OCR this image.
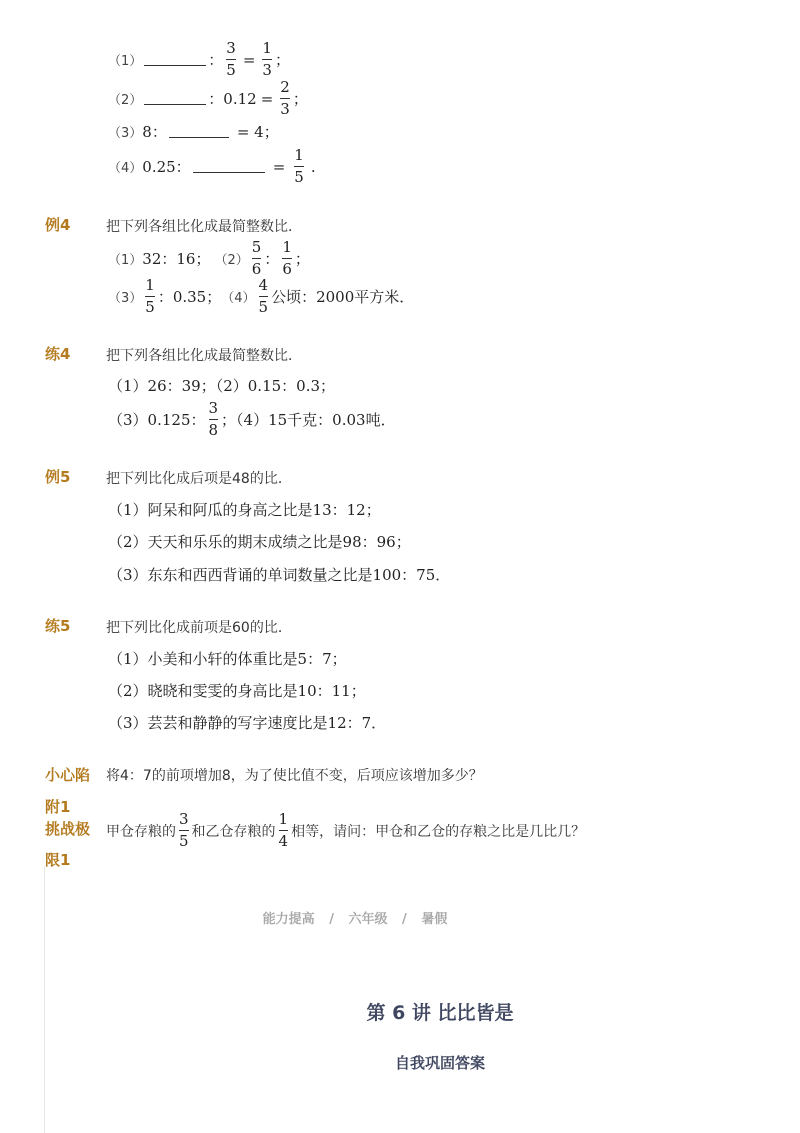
（1）	： $\frac{3}{5} = \frac{1}{3}$ ；
（2）	：$0.12 = \frac{2}{3}$ ；
（3） 8：	= 4；
（4） 0.25：	= $\frac{1}{5}$ .
例4	把下列各组比化成最简整数比．
（1） 32：16； $(2) \frac{5}{6}$ ： $\frac{1}{6}$ ；
$(3) \frac{1}{5}$ ：0.35； $(4) \frac{4}{5}$ 公顷：2000平方米．
练4	把下列各组比化成最简整数比．
（1）26：39；（2）0.15：0.3；
（3）0.125： $\frac{3}{8}$ ；（4）15千克：0.03吨．
例5	把下列比化成后项是48的比．
（1）阿呆和阿瓜的身高之比是13：12；
（2）天天和乐乐的期末成绩之比是98：96；
（3）东东和西西背诵的单词数量之比是100：75．
练5	把下列比化成前项是60的比．
（1）小美和小轩的体重比是5：7；
（2）晓晓和雯雯的身高比是10：11；
（3）芸芸和静静的写字速度比是12：7．
小心陷 将4：7的前项增加8，为了使比值不变，后项应该增加多少？
附1
挑战极
限1
甲仓存粮的 $\frac{3}{5}$ 和乙仓存粮的 $\frac{1}{4}$ 相等，请问：甲仓和乙仓的存粮之比是几比几？
能力提高 / 六年级 / 暑假
第 6 讲 比比皆是
自我巩固答案
